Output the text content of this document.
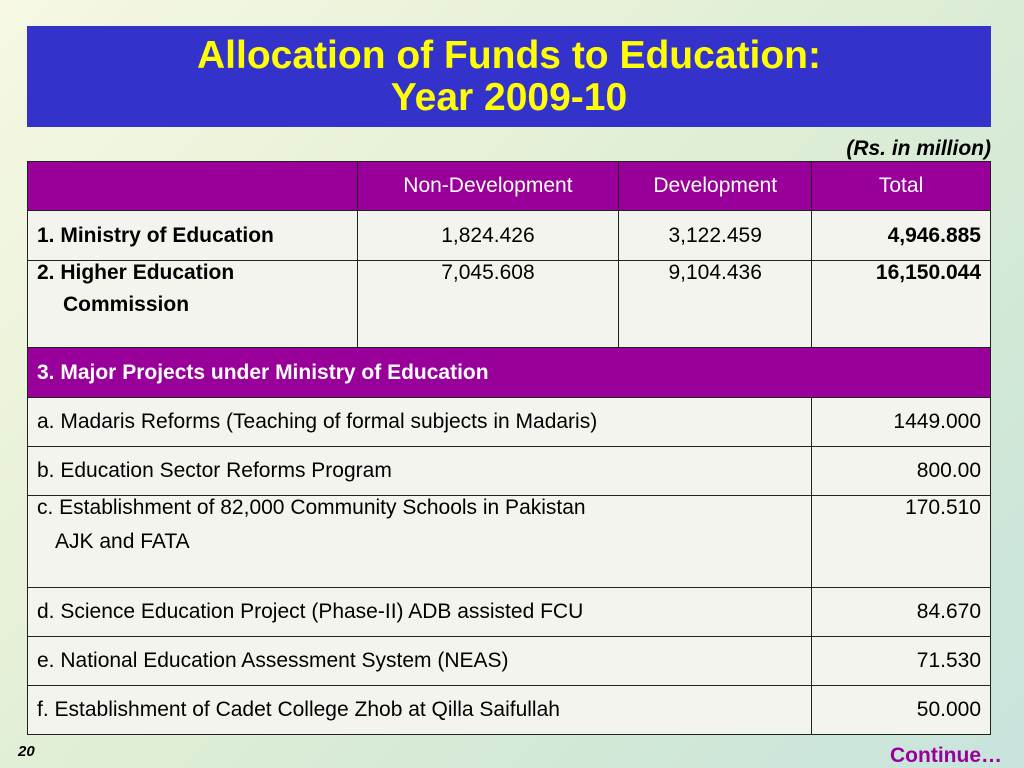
Allocation of Funds to Education:
Year 2009-10
(Rs. in million)
	Non-Development	Development	Total
1. Ministry of Education	1,824.426	3,122.459	4,946.885

2. Higher Education
Commission	7,045.608	9,104.436	16,150.044
3. Major Projects under Ministry of Education			
a. Madaris Reforms (Teaching of formal subjects in Madaris)			1449.000
b. Education Sector Reforms Program			800.00

c. Establishment of 82,000 Community Schools in Pakistan
AJK and FATA			170.510
d. Science Education Project (Phase-II) ADB assisted FCU			84.670
e. National Education Assessment System (NEAS)			71.530
f. Establishment of Cadet College Zhob at Qilla Saifullah			50.000
20	Continue…
